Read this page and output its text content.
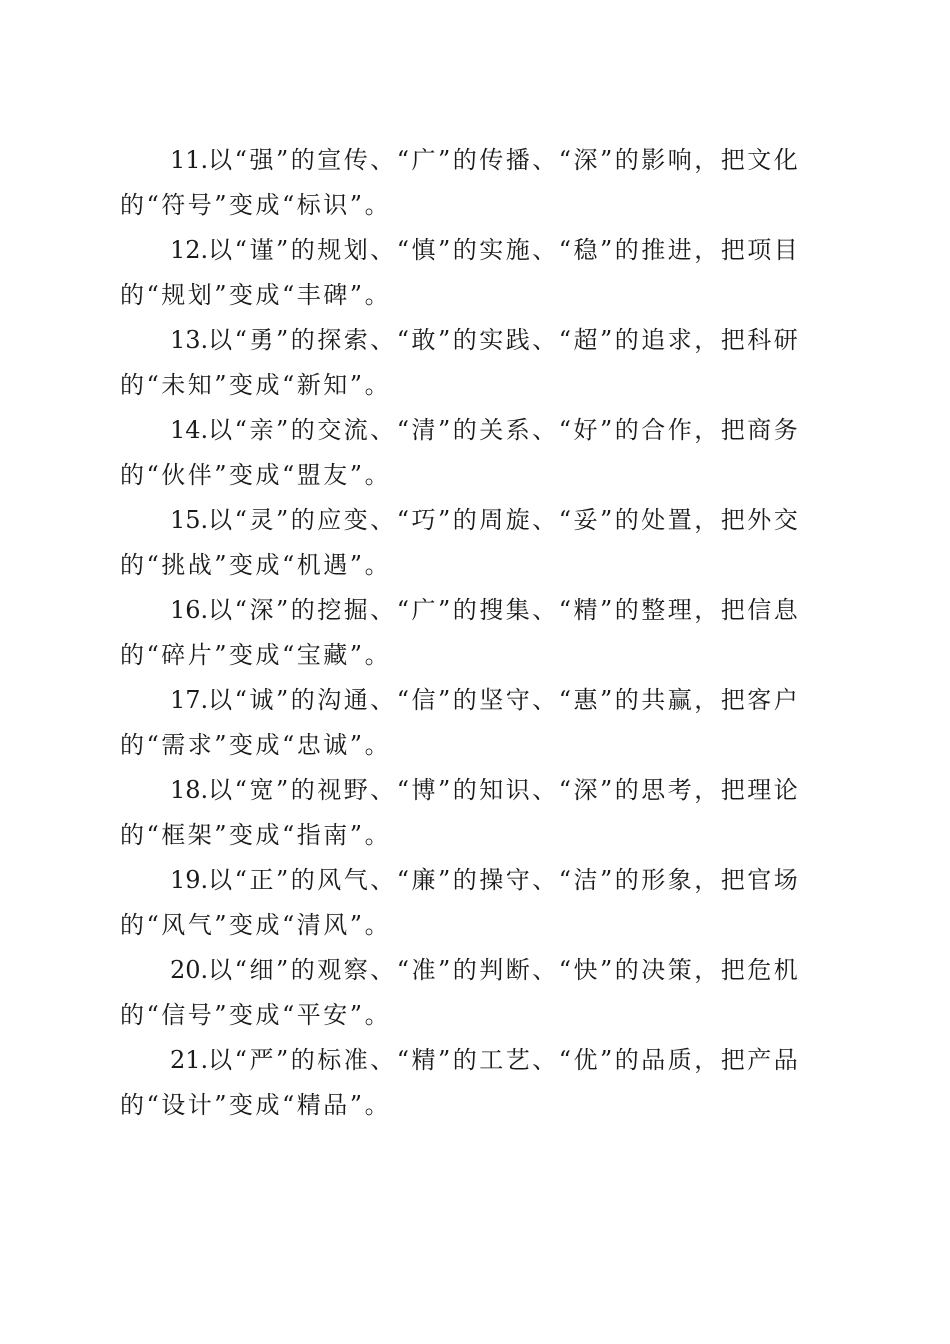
11.以“强”的宣传、“广”的传播、“深”的影响，把文化的“符号”变成“标识”。

12.以“谨”的规划、“慎”的实施、“稳”的推进，把项目的“规划”变成“丰碑”。

13.以“勇”的探索、“敢”的实践、“超”的追求，把科研的“未知”变成“新知”。

14.以“亲”的交流、“清”的关系、“好”的合作，把商务的“伙伴”变成“盟友”。

15.以“灵”的应变、“巧”的周旋、“妥”的处置，把外交的“挑战”变成“机遇”。

16.以“深”的挖掘、“广”的搜集、“精”的整理，把信息的“碎片”变成“宝藏”。

17.以“诚”的沟通、“信”的坚守、“惠”的共赢，把客户的“需求”变成“忠诚”。

18.以“宽”的视野、“博”的知识、“深”的思考，把理论的“框架”变成“指南”。

19.以“正”的风气、“廉”的操守、“洁”的形象，把官场的“风气”变成“清风”。

20.以“细”的观察、“准”的判断、“快”的决策，把危机的“信号”变成“平安”。

21.以“严”的标准、“精”的工艺、“优”的品质，把产品的“设计”变成“精品”。
